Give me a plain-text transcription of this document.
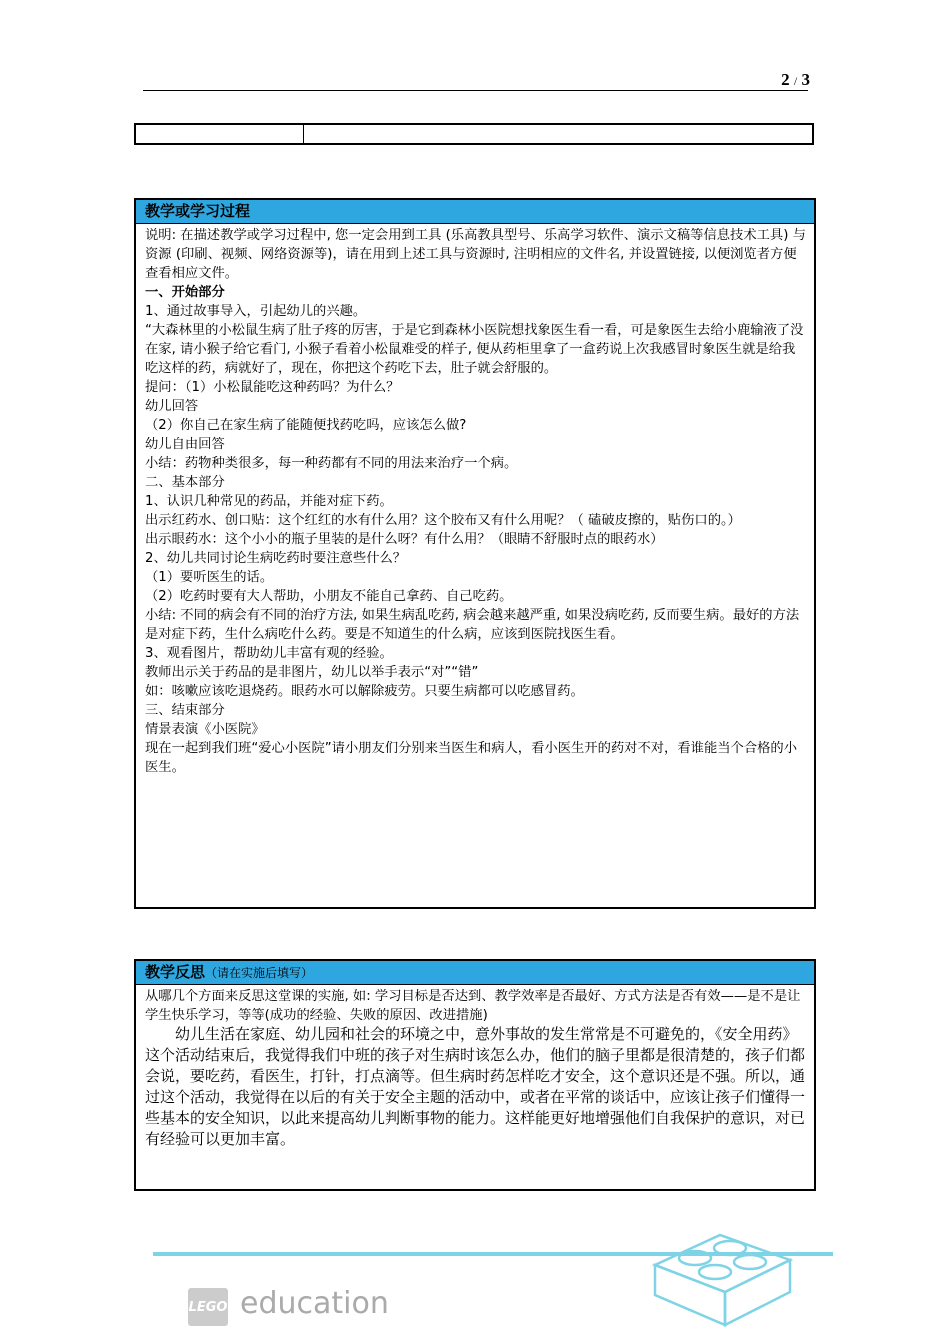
2 / 3
教学或学习过程

说明: 在描述教学或学习过程中, 您一定会用到工具 (乐高教具型号、乐高学习软件、演示文稿等信息技术工具) 与资源 (印刷、视频、网络资源等)，请在用到上述工具与资源时, 注明相应的文件名, 并设置链接, 以便浏览者方便查看相应文件。

一、开始部分

1、通过故事导入，引起幼儿的兴趣。

“大森林里的小松鼠生病了肚子疼的厉害，于是它到森林小医院想找象医生看一看，可是象医生去给小鹿输液了没在家, 请小猴子给它看门, 小猴子看着小松鼠难受的样子, 便从药柜里拿了一盒药说上次我感冒时象医生就是给我吃这样的药，病就好了，现在，你把这个药吃下去，肚子就会舒服的。

提问：（1）小松鼠能吃这种药吗？为什么？

幼儿回答

（2）你自己在家生病了能随便找药吃吗，应该怎么做?

幼儿自由回答

小结：药物种类很多，每一种药都有不同的用法来治疗一个病。

二、基本部分

1、认识几种常见的药品，并能对症下药。

出示红药水、创口贴：这个红红的水有什么用？这个胶布又有什么用呢？（ 磕破皮擦的，贴伤口的。）

出示眼药水：这个小小的瓶子里装的是什么呀？有什么用？（眼睛不舒服时点的眼药水）

2、幼儿共同讨论生病吃药时要注意些什么？

（1）要听医生的话。

（2）吃药时要有大人帮助，小朋友不能自己拿药、自己吃药。

小结: 不同的病会有不同的治疗方法, 如果生病乱吃药, 病会越来越严重, 如果没病吃药, 反而要生病。最好的方法是对症下药，生什么病吃什么药。要是不知道生的什么病，应该到医院找医生看。

3、观看图片，帮助幼儿丰富有观的经验。

教师出示关于药品的是非图片，幼儿以举手表示“对”“错”

如：咳嗽应该吃退烧药。眼药水可以解除疲劳。只要生病都可以吃感冒药。

三、结束部分

情景表演《小医院》

现在一起到我们班“爱心小医院”请小朋友们分别来当医生和病人，看小医生开的药对不对，看谁能当个合格的小医生。

教学反思（请在实施后填写）

从哪几个方面来反思这堂课的实施, 如: 学习目标是否达到、教学效率是否最好、方式方法是否有效——是不是让学生快乐学习，等等(成功的经验、失败的原因、改进措施)

幼儿生活在家庭、幼儿园和社会的环境之中，意外事故的发生常常是不可避免的，《安全用药》这个活动结束后，我觉得我们中班的孩子对生病时该怎么办，他们的脑子里都是很清楚的，孩子们都会说，要吃药，看医生，打针，打点滴等。但生病时药怎样吃才安全，这个意识还是不强。所以，通过这个活动，我觉得在以后的有关于安全主题的活动中，或者在平常的谈话中，应该让孩子们懂得一些基本的安全知识，以此来提高幼儿判断事物的能力。这样能更好地增强他们自我保护的意识，对已有经验可以更加丰富。

LEGO education
